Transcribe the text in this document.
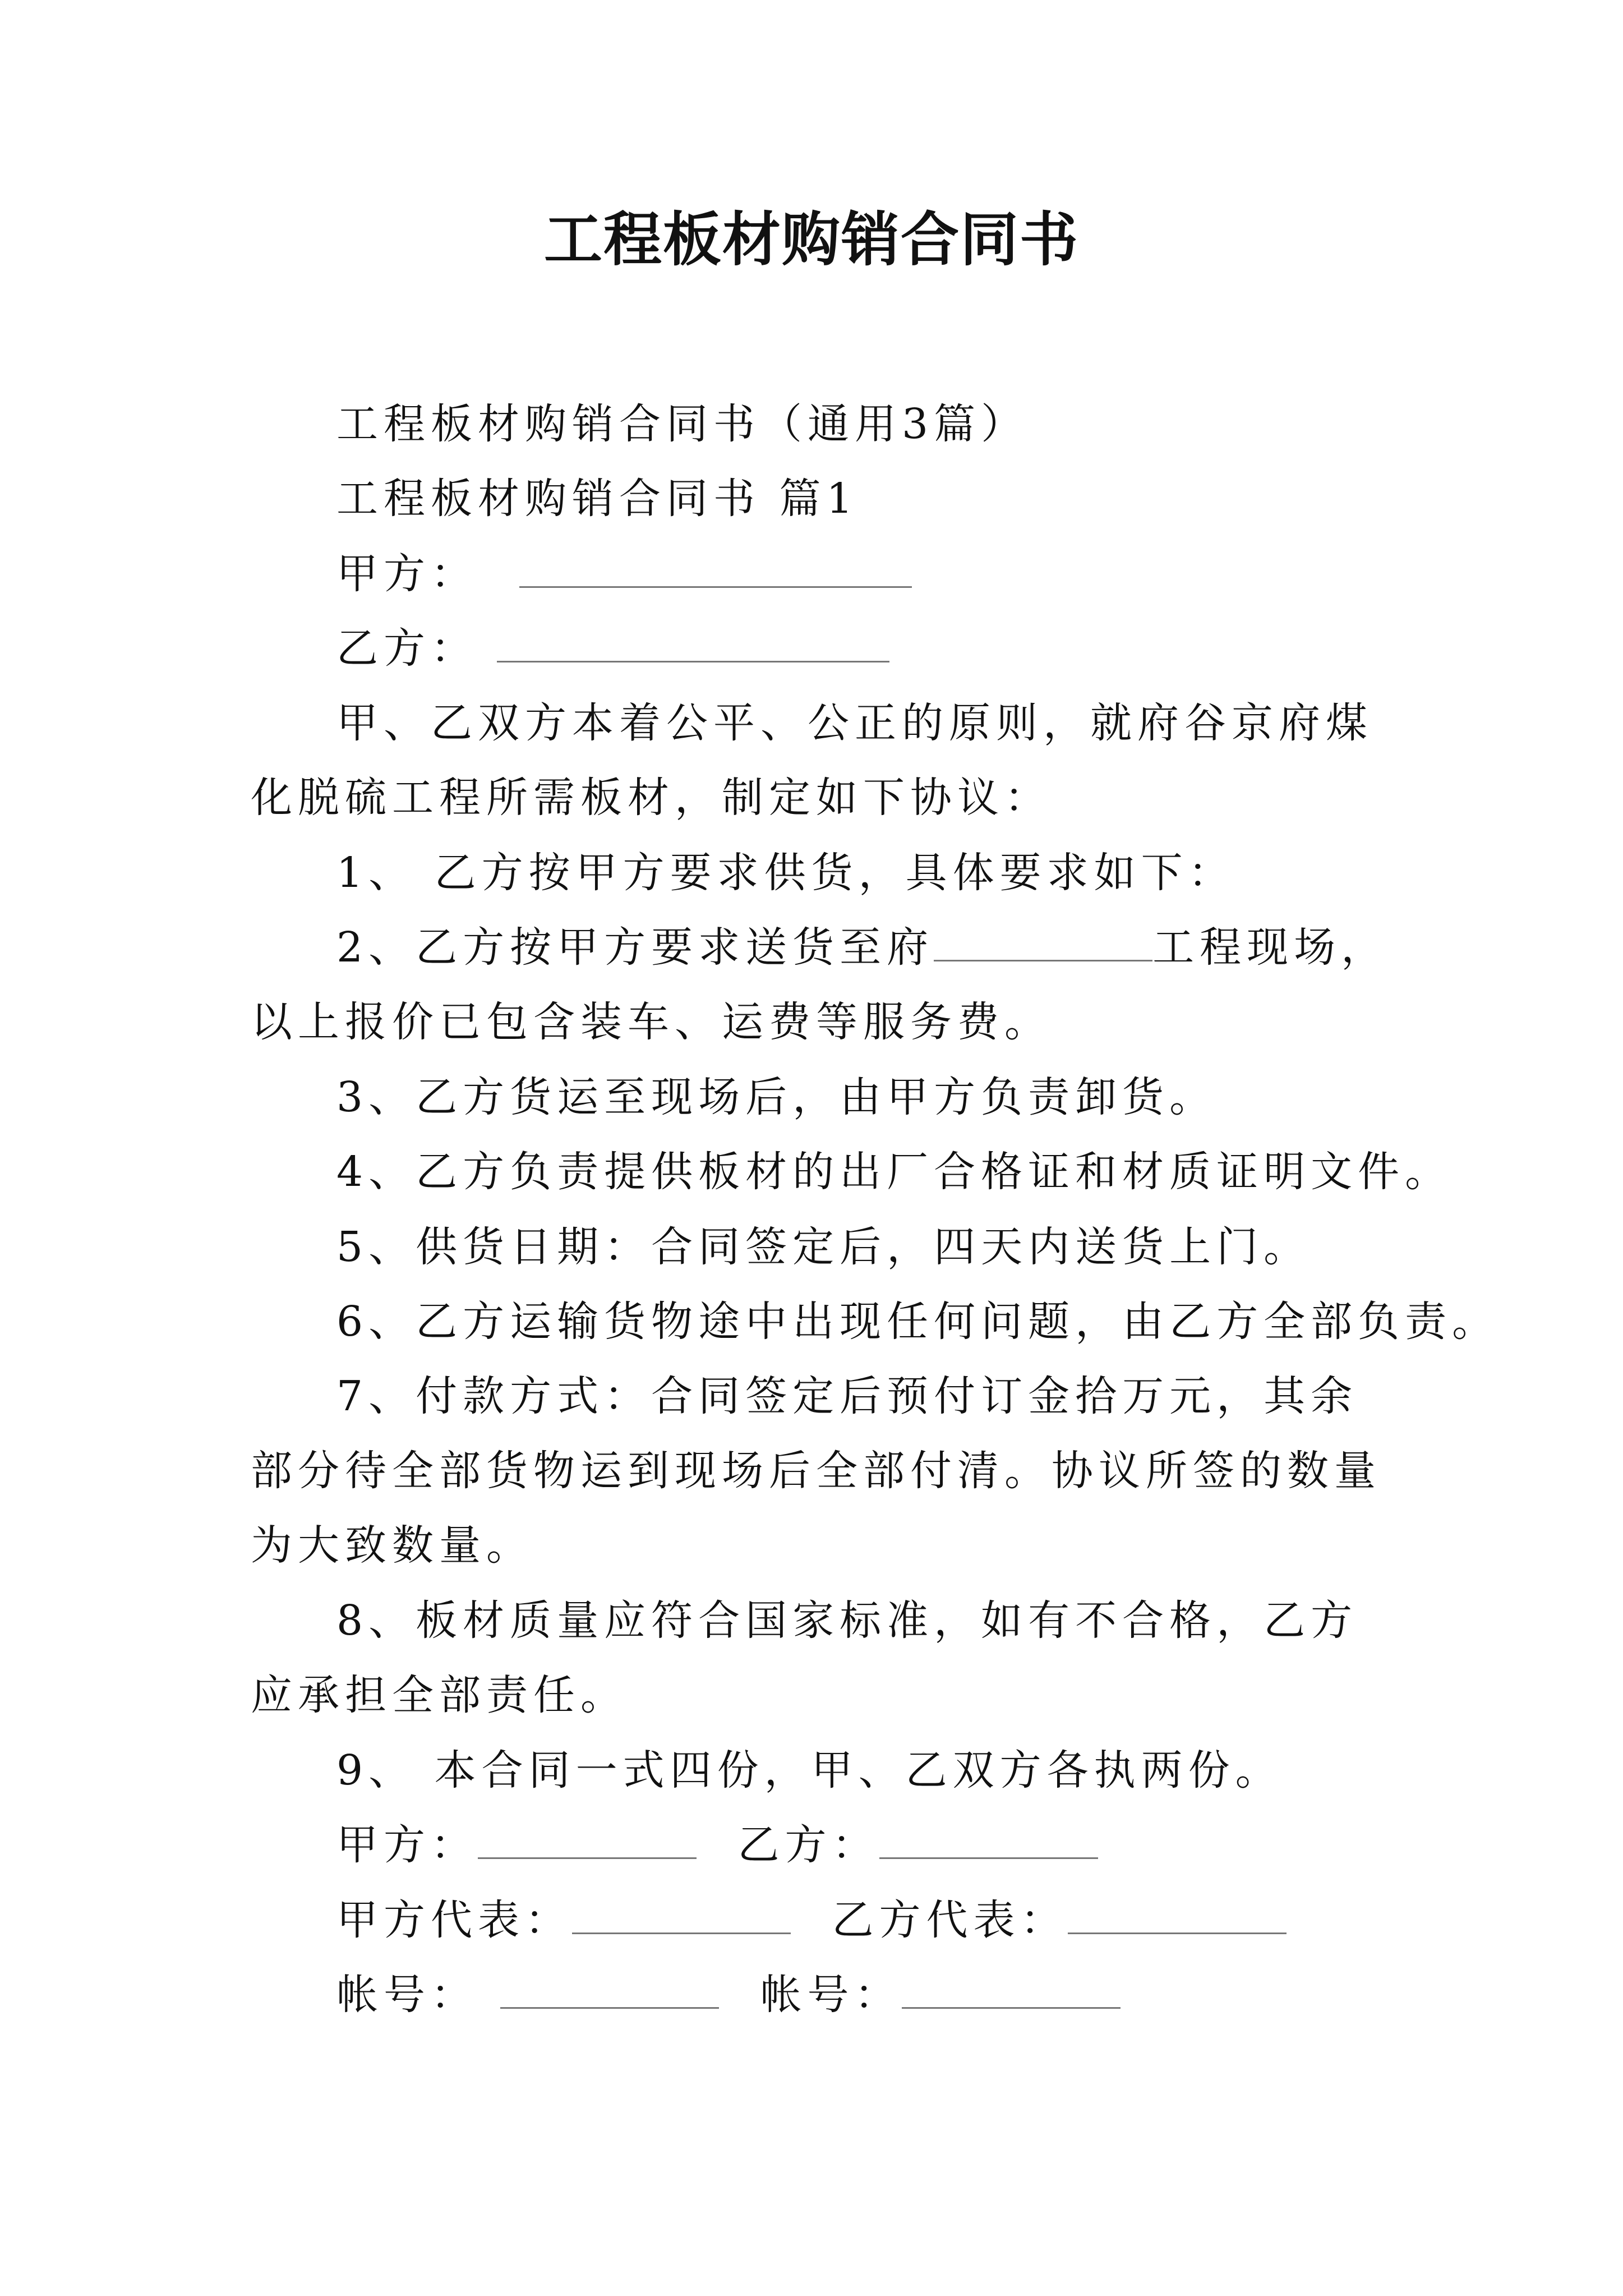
工程板材购销合同书
工程板材购销合同书（通用3篇）
工程板材购销合同书 篇1
甲方：
乙方：
甲、乙双方本着公平、公正的原则，就府谷京府煤化脱硫工程所需板材，制定如下协议：
1、 乙方按甲方要求供货，具体要求如下：
2、乙方按甲方要求送货至府	工程现场，以上报价已包含装车、运费等服务费。
3、乙方货运至现场后，由甲方负责卸货。
4、乙方负责提供板材的出厂合格证和材质证明文件。
5、供货日期：合同签定后，四天内送货上门。
6、乙方运输货物途中出现任何问题，由乙方全部负责。
7、付款方式：合同签定后预付订金拾万元，其余部分待全部货物运到现场后全部付清。协议所签的数量为大致数量。
8、板材质量应符合国家标准，如有不合格，乙方应承担全部责任。
9、 本合同一式四份，甲、乙双方各执两份。
甲方：	乙方：
甲方代表：	乙方代表：
帐号：	帐号：
